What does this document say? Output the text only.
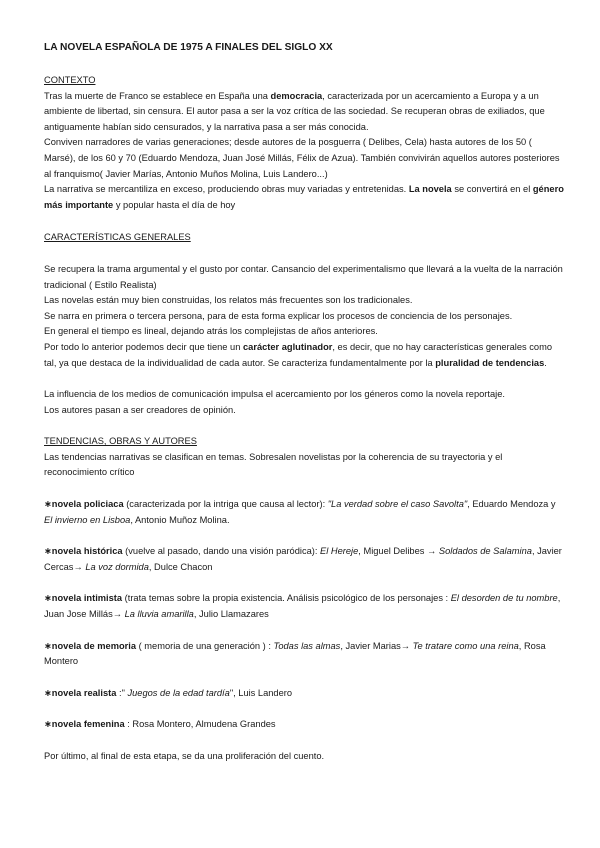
LA NOVELA ESPAÑOLA DE 1975 A FINALES DEL SIGLO XX

CONTEXTO

Tras la muerte de Franco se establece en España una democracia, caracterizada por un acercamiento a Europa y a un ambiente de libertad, sin censura. El autor pasa a ser la voz crítica de las sociedad. Se recuperan obras de exiliados, que antiguamente habían sido censurados, y la narrativa pasa a ser más conocida.

Conviven narradores de varias generaciones; desde autores de la posguerra ( Delibes, Cela) hasta autores de los 50 ( Marsé), de los 60 y 70 (Eduardo Mendoza, Juan José Millás, Félix de Azua). También convivirán aquellos autores posteriores al franquismo( Javier Marías, Antonio Muños Molina, Luis Landero...)

La narrativa se mercantiliza en exceso, produciendo obras muy variadas y entretenidas. La novela se convertirá en el género más importante y popular hasta el día de hoy

CARACTERÍSTICAS GENERALES

Se recupera la trama argumental y el gusto por contar. Cansancio del experimentalismo que llevará a la vuelta de la narración tradicional ( Estilo Realista)

Las novelas están muy bien construidas, los relatos más frecuentes son los tradicionales.

Se narra en primera o tercera persona, para de esta forma explicar los procesos de conciencia de los personajes.

En general el tiempo es lineal, dejando atrás los complejistas de años anteriores.

Por todo lo anterior podemos decir que tiene un carácter aglutinador, es decir, que no hay características generales como tal, ya que destaca de la individualidad de cada autor. Se caracteriza fundamentalmente por la pluralidad de tendencias.

La influencia de los medios de comunicación impulsa el acercamiento por los géneros como la novela reportaje.

Los autores pasan a ser creadores de opinión.

TENDENCIAS, OBRAS Y AUTORES

Las tendencias narrativas se clasifican en temas. Sobresalen novelistas por la coherencia de su trayectoria y el reconocimiento crítico

∗novela policiaca (caracterizada por la intriga que causa al lector): "La verdad sobre el caso Savolta", Eduardo Mendoza y El invierno en Lisboa, Antonio Muñoz Molina.

∗novela histórica (vuelve al pasado, dando una visión paródica): El Hereje, Miguel Delibes → Soldados de Salamina, Javier Cercas→ La voz dormida, Dulce Chacon

∗novela intimista (trata temas sobre la propia existencia. Análisis psicológico de los personajes : El desorden de tu nombre, Juan Jose Millás→ La lluvia amarilla, Julio Llamazares

∗novela de memoria ( memoria de una generación ) : Todas las almas, Javier Marias→ Te tratare como una reina, Rosa Montero

∗novela realista :" Juegos de la edad tardía", Luis Landero

∗novela femenina : Rosa Montero, Almudena Grandes

Por último, al final de esta etapa, se da una proliferación del cuento.
